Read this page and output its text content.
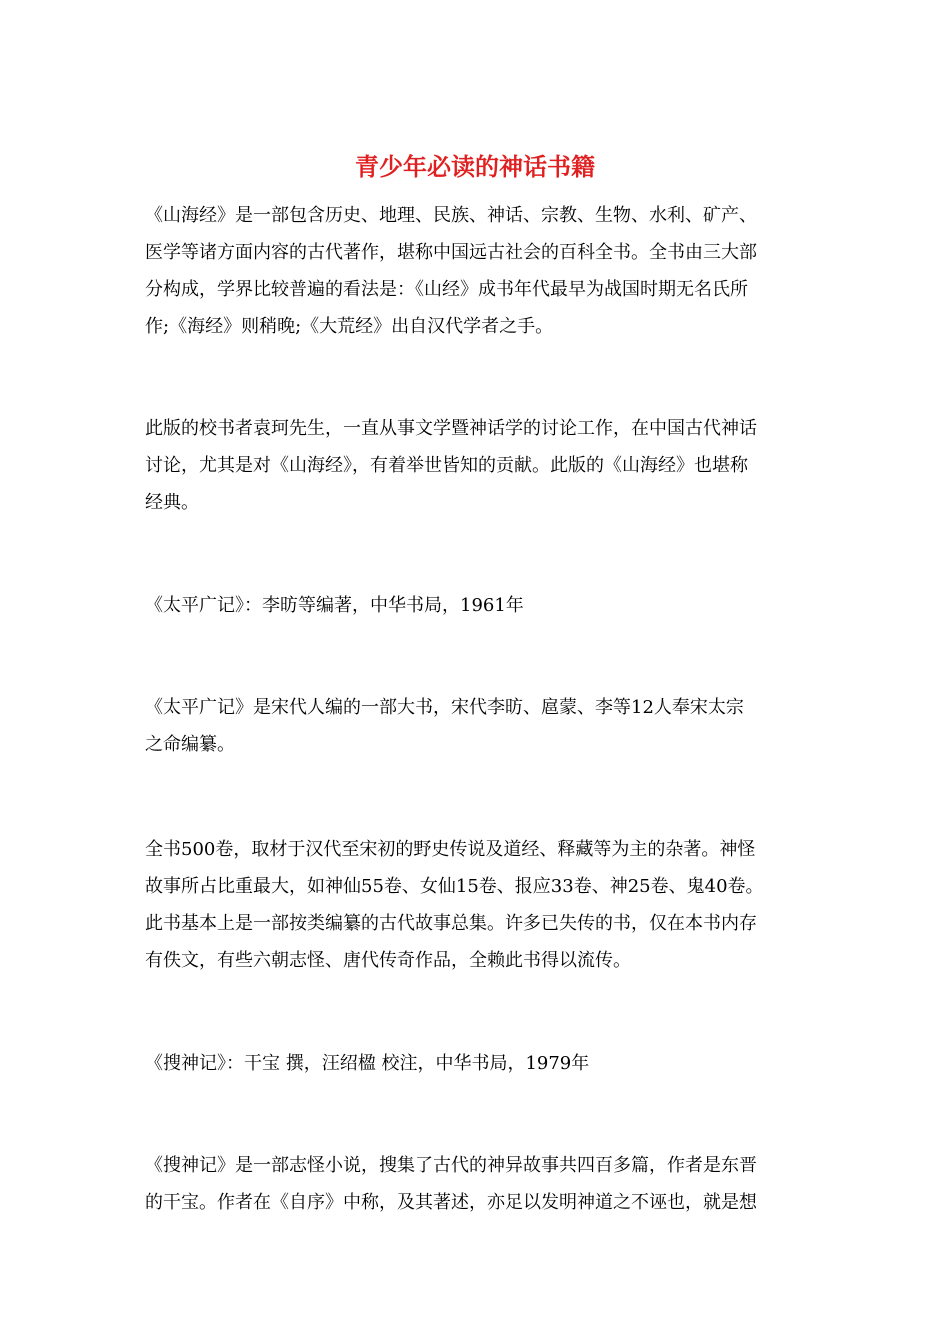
青少年必读的神话书籍

《山海经》是一部包含历史、地理、民族、神话、宗教、生物、水利、矿产、
医学等诸方面内容的古代著作，堪称中国远古社会的百科全书。全书由三大部
分构成，学界比较普遍的看法是：《山经》成书年代最早为战国时期无名氏所
作;《海经》则稍晚;《大荒经》出自汉代学者之手。

此版的校书者袁珂先生，一直从事文学暨神话学的讨论工作，在中国古代神话
讨论，尤其是对《山海经》，有着举世皆知的贡献。此版的《山海经》也堪称
经典。

《太平广记》：李昉等编著，中华书局，1961年

《太平广记》是宋代人编的一部大书，宋代李昉、扈蒙、李等12人奉宋太宗
之命编纂。

全书500卷，取材于汉代至宋初的野史传说及道经、释藏等为主的杂著。神怪
故事所占比重最大，如神仙55卷、女仙15卷、报应33卷、神25卷、鬼40卷。
此书基本上是一部按类编纂的古代故事总集。许多已失传的书，仅在本书内存
有佚文，有些六朝志怪、唐代传奇作品，全赖此书得以流传。

《搜神记》：干宝 撰，汪绍楹 校注，中华书局，1979年

《搜神记》是一部志怪小说，搜集了古代的神异故事共四百多篇，作者是东晋
的干宝。作者在《自序》中称，及其著述，亦足以发明神道之不诬也，就是想
